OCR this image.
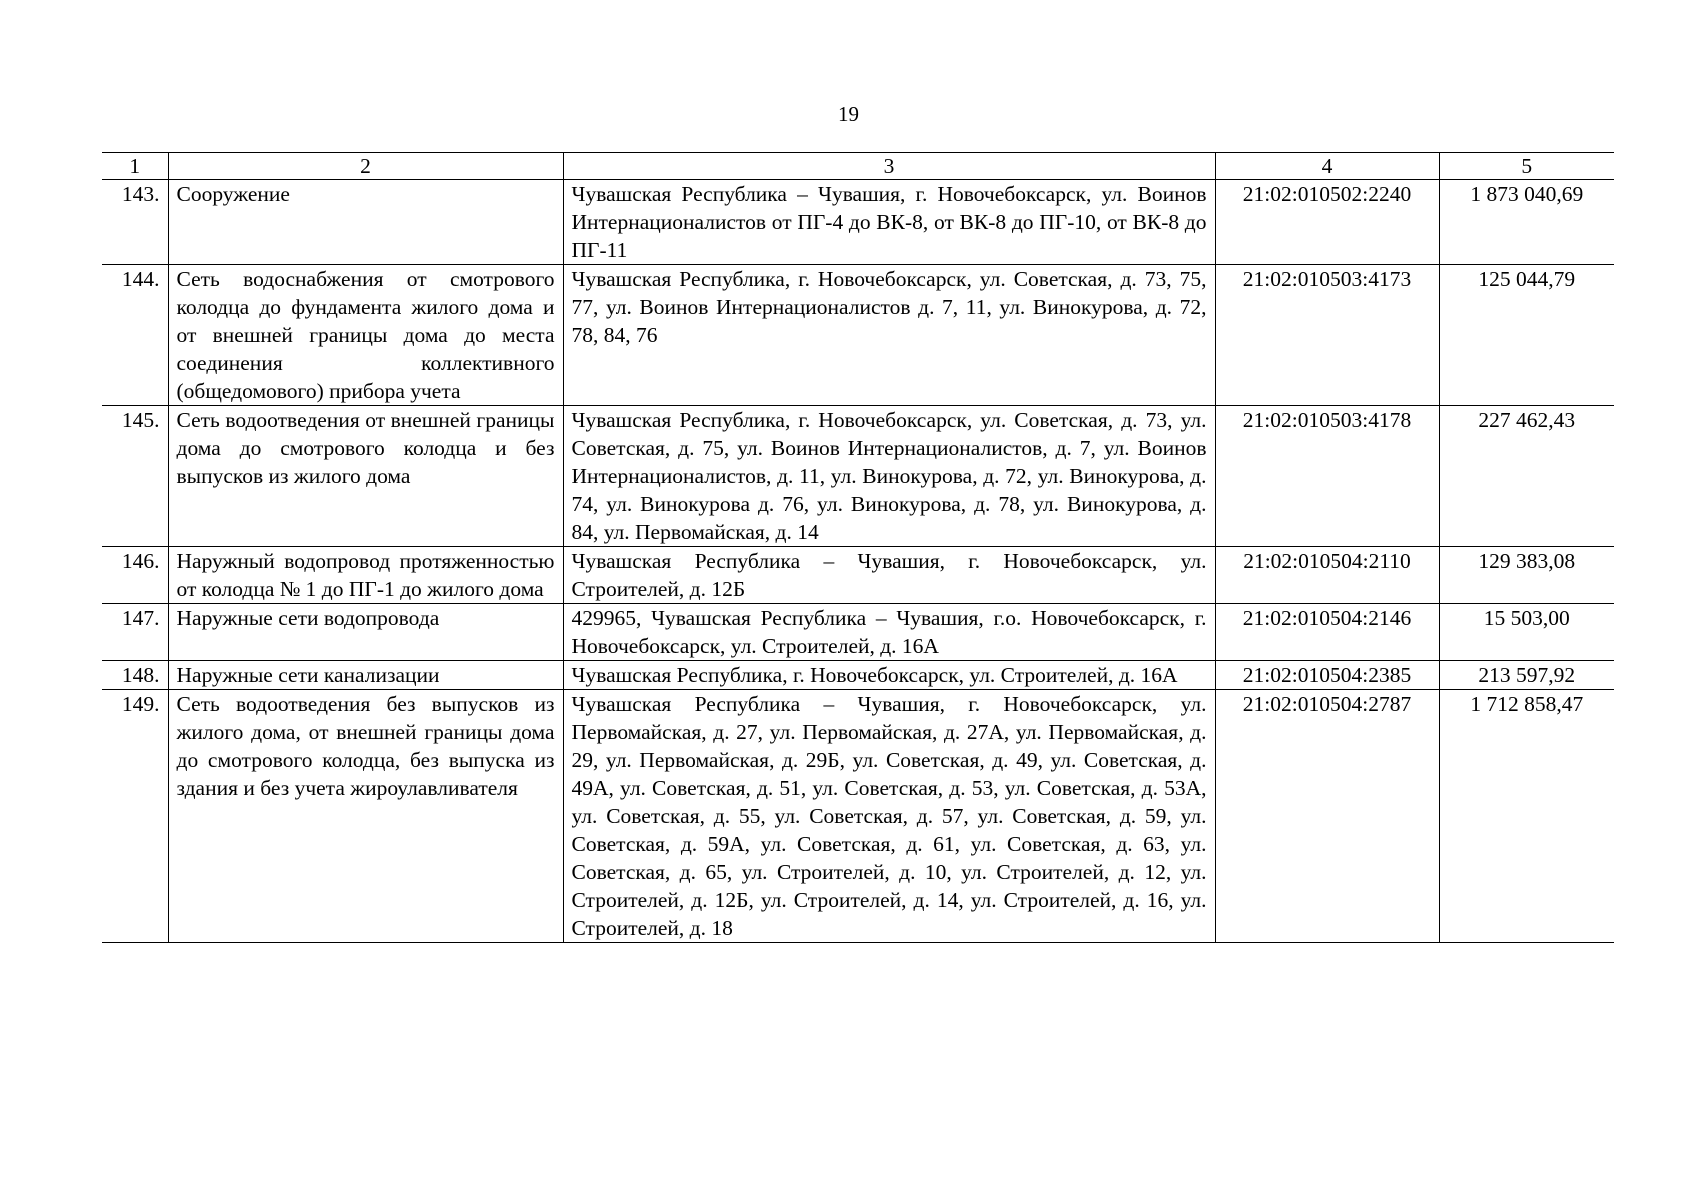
19
1	2	3	4	5
143.	Сооружение	Чувашская Республика – Чувашия, г. Новочебоксарск, ул. Воинов Интернационалистов от ПГ-4 до ВК-8, от ВК-8 до ПГ-10, от ВК-8 до ПГ-11	21:02:010502:2240	1 873 040,69
144.	Сеть водоснабжения от смотрового колодца до фундамента жилого дома и от внешней границы дома до места соединения коллективного (общедомового) прибора учета	Чувашская Республика, г. Новочебоксарск, ул. Советская, д. 73, 75, 77, ул. Воинов Интернационалистов д. 7, 11, ул. Винокурова, д. 72, 78, 84, 76	21:02:010503:4173	125 044,79
145.	Сеть водоотведения от внешней границы дома до смотрового колодца и без выпусков из жилого дома	Чувашская Республика, г. Новочебоксарск, ул. Советская, д. 73, ул. Советская, д. 75, ул. Воинов Интернационалистов, д. 7, ул. Воинов Интернационалистов, д. 11, ул. Винокурова, д. 72, ул. Винокурова, д. 74, ул. Винокурова д. 76, ул. Винокурова, д. 78, ул. Винокурова, д. 84, ул. Первомайская, д. 14	21:02:010503:4178	227 462,43
146.	Наружный водопровод протяженностью от колодца № 1 до ПГ-1 до жилого дома	Чувашская Республика – Чувашия, г. Новочебоксарск, ул. Строителей, д. 12Б	21:02:010504:2110	129 383,08
147.	Наружные сети водопровода	429965, Чувашская Республика – Чувашия, г.о. Новочебоксарск, г. Новочебоксарск, ул. Строителей, д. 16А	21:02:010504:2146	15 503,00
148.	Наружные сети канализации	Чувашская Республика, г. Новочебоксарск, ул. Строителей, д. 16А	21:02:010504:2385	213 597,92
149.	Сеть водоотведения без выпусков из жилого дома, от внешней границы дома до смотрового колодца, без выпуска из здания и без учета жироулавливателя	Чувашская Республика – Чувашия, г. Новочебоксарск, ул. Первомайская, д. 27, ул. Первомайская, д. 27А, ул. Первомайская, д. 29, ул. Первомайская, д. 29Б, ул. Советская, д. 49, ул. Советская, д. 49А, ул. Советская, д. 51, ул. Советская, д. 53, ул. Советская, д. 53А, ул. Советская, д. 55, ул. Советская, д. 57, ул. Советская, д. 59, ул. Советская, д. 59А, ул. Советская, д. 61, ул. Советская, д. 63, ул. Советская, д. 65, ул. Строителей, д. 10, ул. Строителей, д. 12, ул. Строителей, д. 12Б, ул. Строителей, д. 14, ул. Строителей, д. 16, ул. Строителей, д. 18	21:02:010504:2787	1 712 858,47
